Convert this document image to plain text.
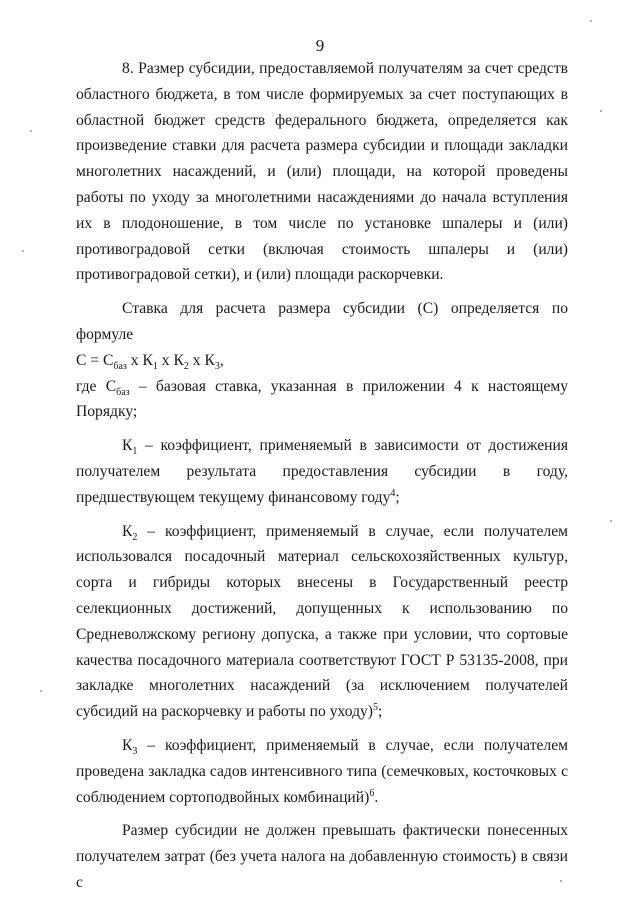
9

8. Размер субсидии, предоставляемой получателям за счет средств областного бюджета, в том числе формируемых за счет поступающих в областной бюджет средств федерального бюджета, определяется как произведение ставки для расчета размера субсидии и площади закладки многолетних насаждений, и (или) площади, на которой проведены работы по уходу за многолетними насаждениями до начала вступления их в плодоношение, в том числе по установке шпалеры и (или) противоградовой сетки (включая стоимость шпалеры и (или) противоградовой сетки), и (или) площади раскорчевки.

Ставка для расчета размера субсидии (С) определяется по формуле

$С = С_{баз}$ х $К_1$ х $К_2$ х $К_3$,

где $С_{баз}$ – базовая ставка, указанная в приложении 4 к настоящему Порядку;

$К_1$ – коэффициент, применяемый в зависимости от достижения получателем результата предоставления субсидии в году, предшествующем текущему финансовому году$^4$;

$К_2$ – коэффициент, применяемый в случае, если получателем использовался посадочный материал сельскохозяйственных культур, сорта и гибриды которых внесены в Государственный реестр селекционных достижений, допущенных к использованию по Средневолжскому региону допуска, а также при условии, что сортовые качества посадочного материала соответствуют ГОСТ Р 53135-2008, при закладке многолетних насаждений (за исключением получателей субсидий на раскорчевку и работы по уходу)$^5$;

$К_3$ – коэффициент, применяемый в случае, если получателем проведена закладка садов интенсивного типа (семечковых, косточковых с соблюдением сортоподвойных комбинаций)$^6$.

Размер субсидии не должен превышать фактически понесенных получателем затрат (без учета налога на добавленную стоимость) в связи с
